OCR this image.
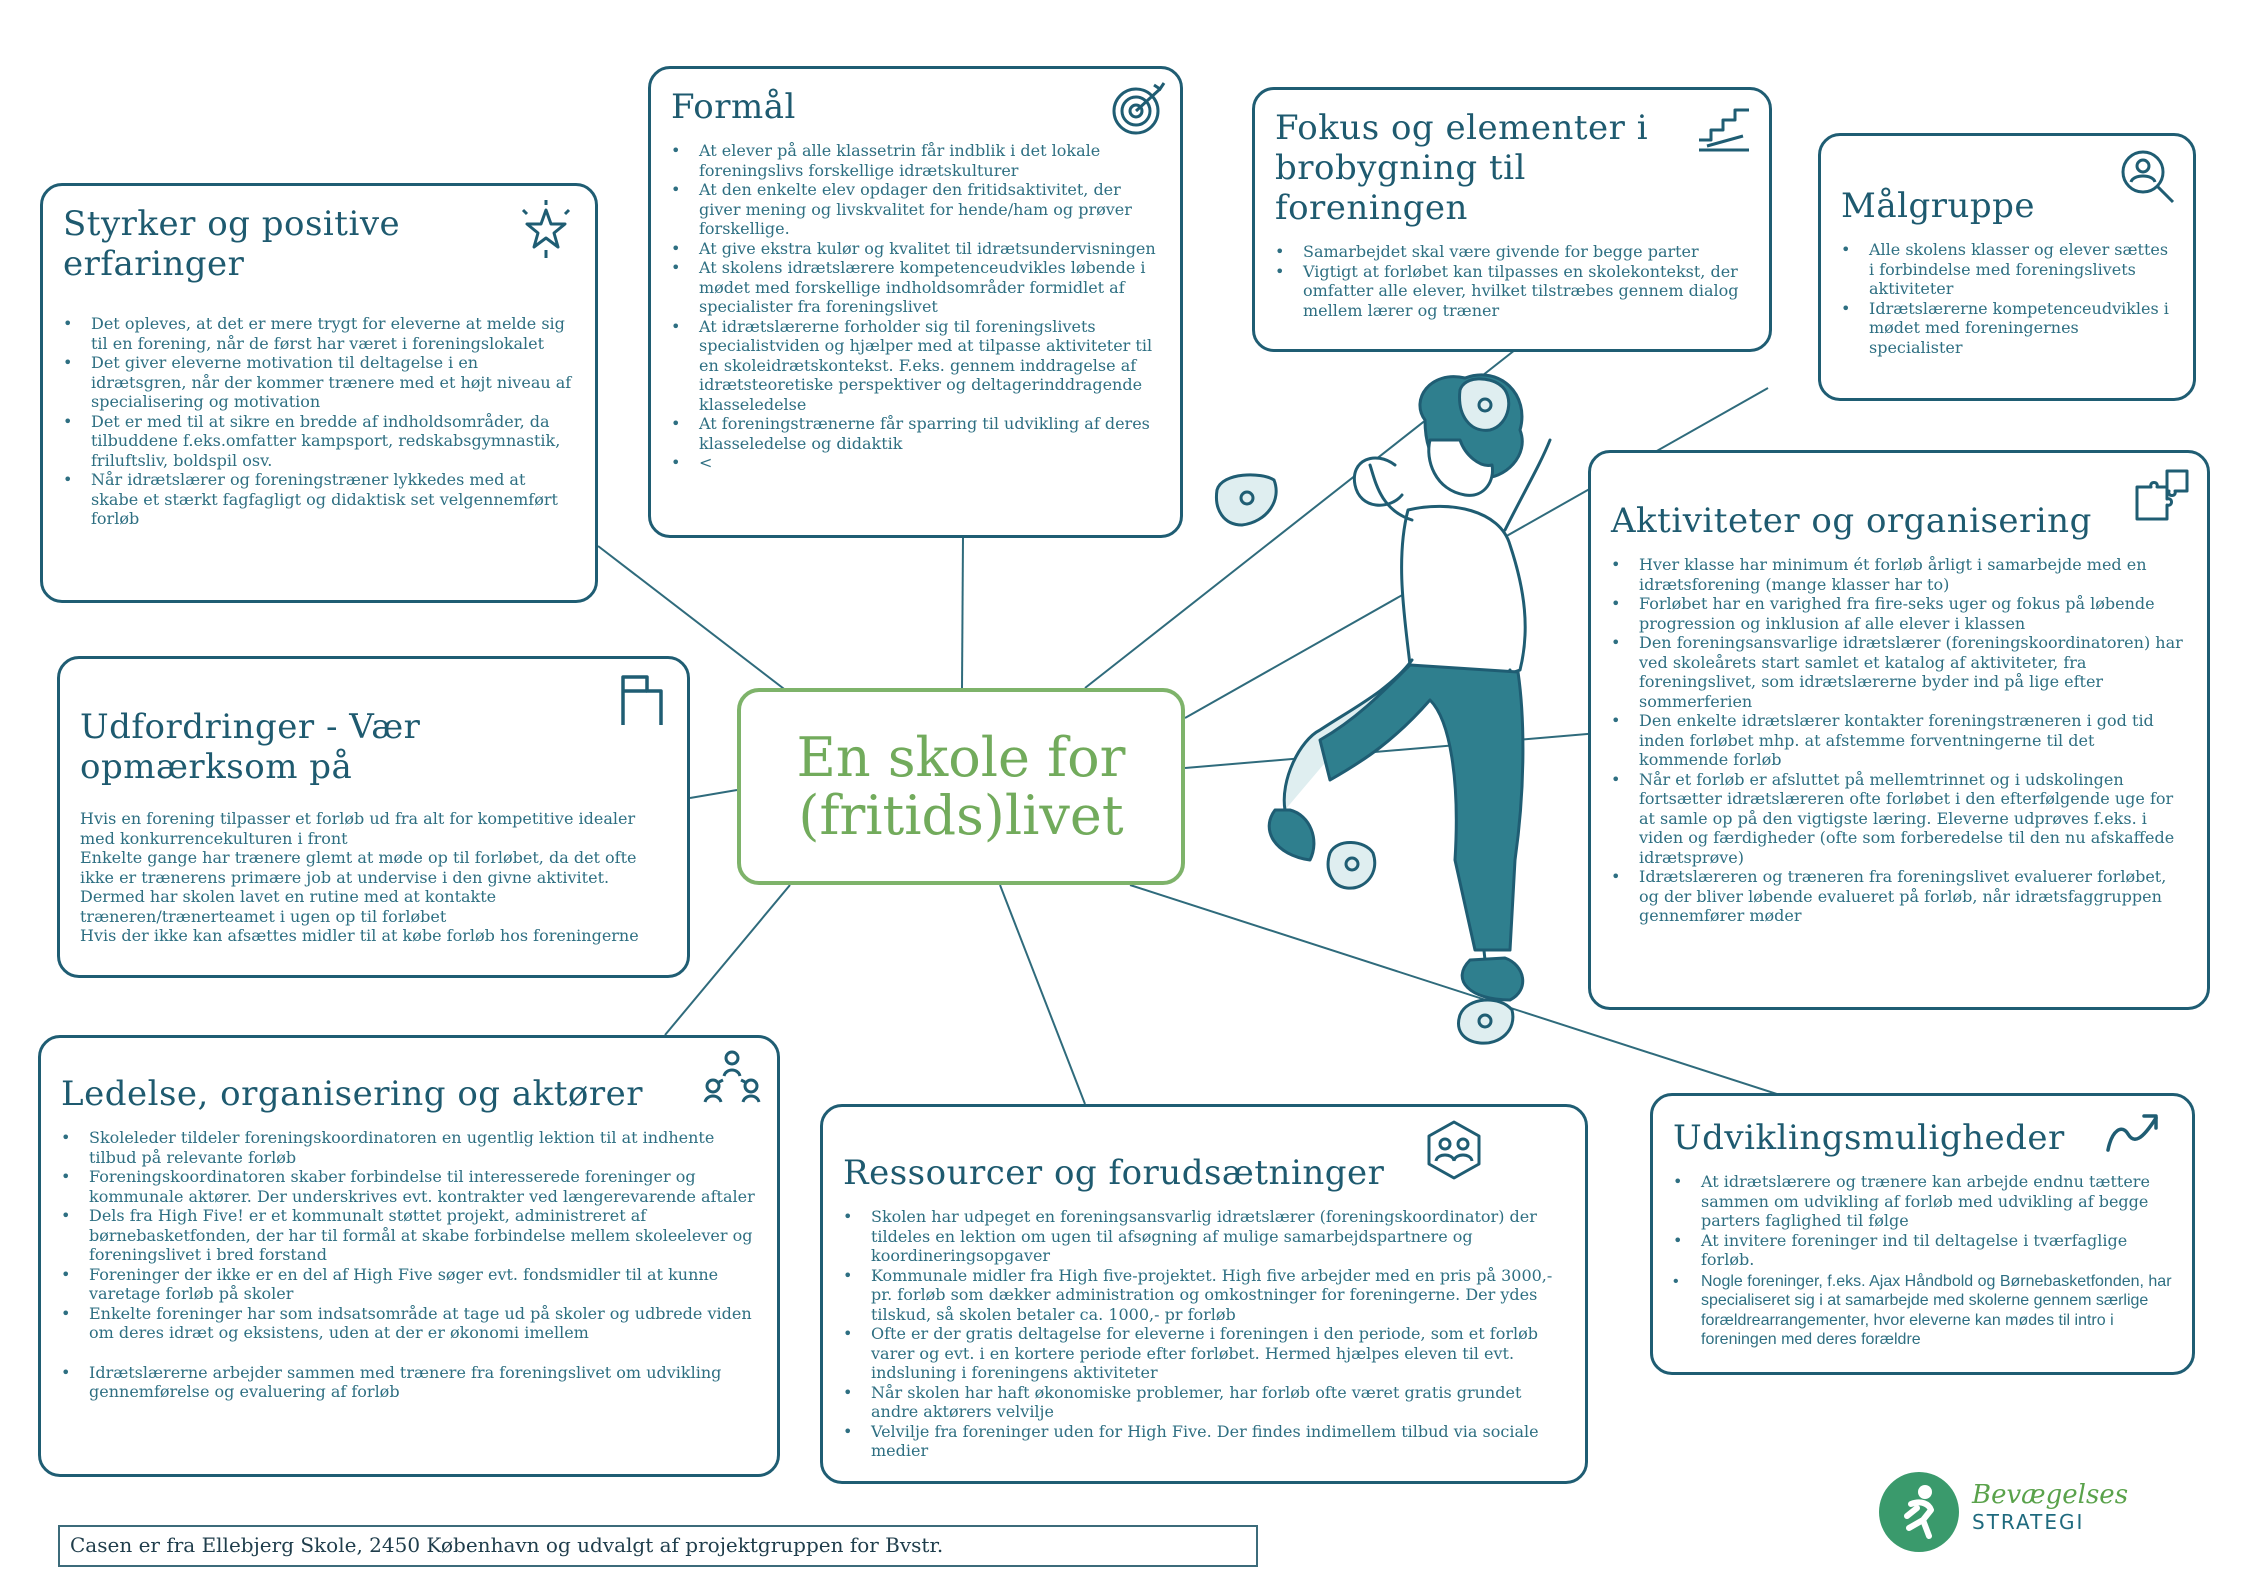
Styrker og positive erfaringer
• Det opleves, at det er mere trygt for eleverne at melde sig til en forening, når de først har været i foreningslokalet
• Det giver eleverne motivation til deltagelse i en idrætsgren, når der kommer trænere med et højt niveau af specialisering og motivation
• Det er med til at sikre en bredde af indholdsområder, da tilbuddene f.eks.omfatter kampsport, redskabsgymnastik, friluftsliv, boldspil osv.
• Når idrætslærer og foreningstræner lykkedes med at skabe et stærkt fagfagligt og didaktisk set velgennemført forløb
Formål
• At elever på alle klassetrin får indblik i det lokale foreningslivs forskellige idrætskulturer
• At den enkelte elev opdager den fritidsaktivitet, der giver mening og livskvalitet for hende/ham og prøver forskellige.
• At give ekstra kulør og kvalitet til idrætsundervisningen
• At skolens idrætslærere kompetenceudvikles løbende i mødet med forskellige indholdsområder formidlet af specialister fra foreningslivet
• At idrætslærerne forholder sig til foreningslivets specialistviden og hjælper med at tilpasse aktiviteter til en skoleidrætskontekst. F.eks. gennem inddragelse af idrætsteoretiske perspektiver og deltagerinddragende klasseledelse
• At foreningstrænerne får sparring til udvikling af deres klasseledelse og didaktik
• <
Fokus og elementer i brobygning til foreningen
• Samarbejdet skal være givende for begge parter
• Vigtigt at forløbet kan tilpasses en skolekontekst, der omfatter alle elever, hvilket tilstræbes gennem dialog mellem lærer og træner
Målgruppe
• Alle skolens klasser og elever sættes i forbindelse med foreningslivets aktiviteter
• Idrætslærerne kompetenceudvikles i mødet med foreningernes specialister
Aktiviteter og organisering
• Hver klasse har minimum ét forløb årligt i samarbejde med en idrætsforening (mange klasser har to)
• Forløbet har en varighed fra fire-seks uger og fokus på løbende progression og inklusion af alle elever i klassen
• Den foreningsansvarlige idrætslærer (foreningskoordinatoren) har ved skoleårets start samlet et katalog af aktiviteter, fra foreningslivet, som idrætslærerne byder ind på lige efter sommerferien
• Den enkelte idrætslærer kontakter foreningstræneren i god tid inden forløbet mhp. at afstemme forventningerne til det kommende forløb
• Når et forløb er afsluttet på mellemtrinnet og i udskolingen fortsætter idrætslæreren ofte forløbet i den efterfølgende uge for at samle op på den vigtigste læring. Eleverne udprøves f.eks. i viden og færdigheder (ofte som forberedelse til den nu afskaffede idrætsprøve)
• Idrætslæreren og træneren fra foreningslivet evaluerer forløbet, og der bliver løbende evalueret på forløb, når idrætsfaggruppen gennemfører møder
Udfordringer - Vær opmærksom på

Hvis en forening tilpasser et forløb ud fra alt for kompetitive idealer med konkurrencekulturen i front

Enkelte gange har trænere glemt at møde op til forløbet, da det ofte ikke er trænerens primære job at undervise i den givne aktivitet. Dermed har skolen lavet en rutine med at kontakte træneren/trænerteamet i ugen op til forløbet

Hvis der ikke kan afsættes midler til at købe forløb hos foreningerne

Ledelse, organisering og aktører
• Skoleleder tildeler foreningskoordinatoren en ugentlig lektion til at indhente tilbud på relevante forløb
• Foreningskoordinatoren skaber forbindelse til interesserede foreninger og kommunale aktører. Der underskrives evt. kontrakter ved længerevarende aftaler
• Dels fra High Five! er et kommunalt støttet projekt, administreret af børnebasketfonden, der har til formål at skabe forbindelse mellem skoleelever og foreningslivet i bred forstand
• Foreninger der ikke er en del af High Five søger evt. fondsmidler til at kunne varetage forløb på skoler
• Enkelte foreninger har som indsatsområde at tage ud på skoler og udbrede viden om deres idræt og eksistens, uden at der er økonomi imellem
• Idrætslærerne arbejder sammen med trænere fra foreningslivet om udvikling gennemførelse og evaluering af forløb
Ressourcer og forudsætninger
• Skolen har udpeget en foreningsansvarlig idrætslærer (foreningskoordinator) der tildeles en lektion om ugen til afsøgning af mulige samarbejdspartnere og koordineringsopgaver
• Kommunale midler fra High five-projektet. High five arbejder med en pris på 3000,- pr. forløb som dækker administration og omkostninger for foreningerne. Der ydes tilskud, så skolen betaler ca. 1000,- pr forløb
• Ofte er der gratis deltagelse for eleverne i foreningen i den periode, som et forløb varer og evt. i en kortere periode efter forløbet. Hermed hjælpes eleven til evt. indsluning i foreningens aktiviteter
• Når skolen har haft økonomiske problemer, har forløb ofte været gratis grundet andre aktørers velvilje
• Velvilje fra foreninger uden for High Five. Der findes indimellem tilbud via sociale medier
Udviklingsmuligheder
• At idrætslærere og trænere kan arbejde endnu tættere sammen om udvikling af forløb med udvikling af begge parters faglighed til følge
• At invitere foreninger ind til deltagelse i tværfaglige forløb.
• Nogle foreninger, f.eks. Ajax Håndbold og Børnebasketfonden, har specialiseret sig i at samarbejde med skolerne gennem særlige forældrearrangementer, hvor eleverne kan mødes til intro i foreningen med deres forældre
En skole for
(fritids)livet
Casen er fra Ellebjerg Skole, 2450 København og udvalgt af projektgruppen for Bvstr.
Bevægelses
STRATEGI
